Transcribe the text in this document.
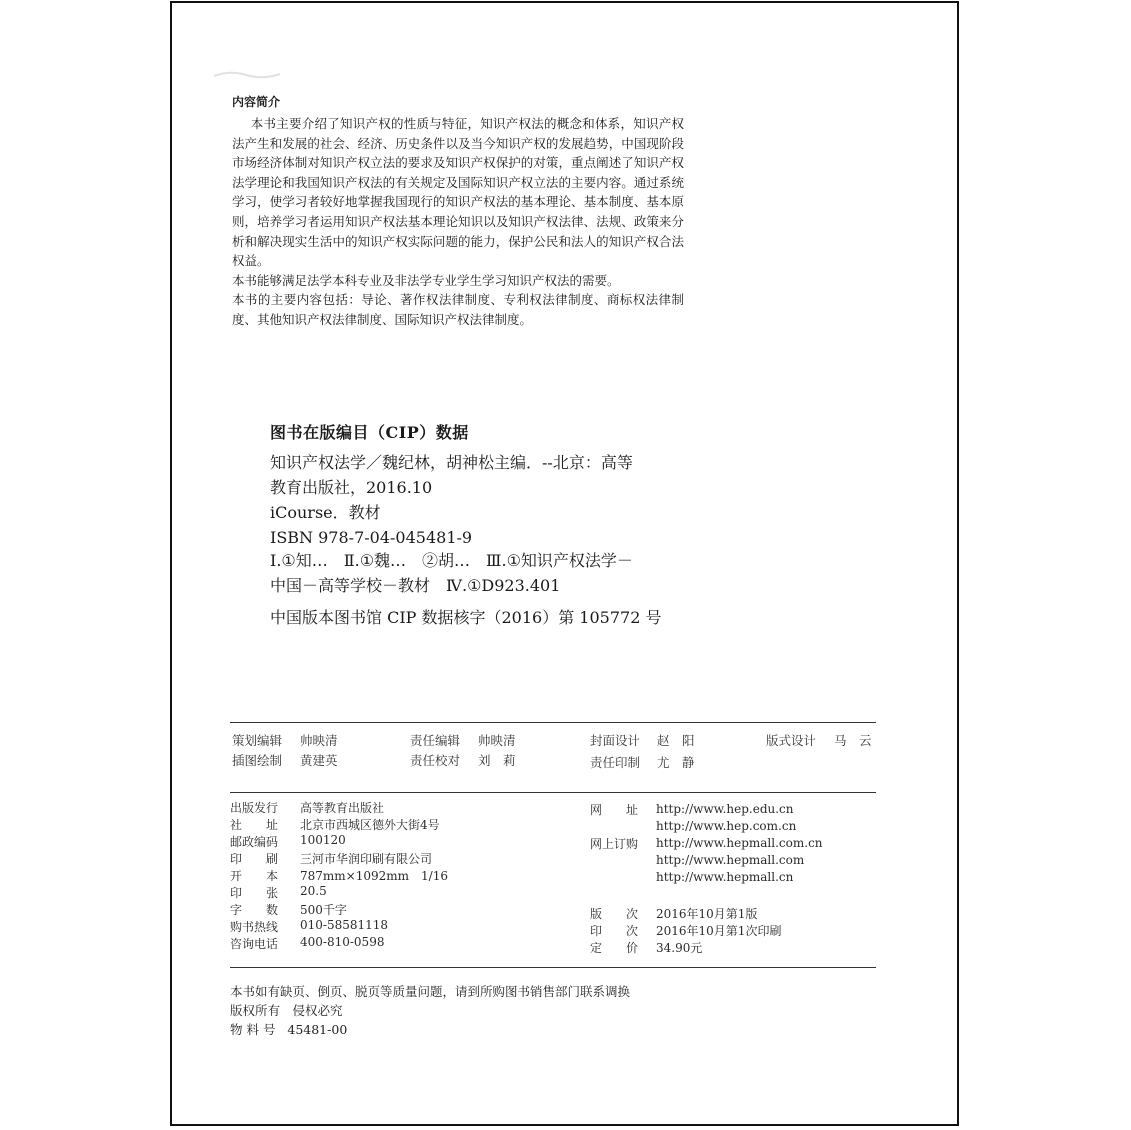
内容简介

本书主要介绍了知识产权的性质与特征，知识产权法的概念和体系，知识产权法产生和发展的社会、经济、历史条件以及当今知识产权的发展趋势，中国现阶段市场经济体制对知识产权立法的要求及知识产权保护的对策，重点阐述了知识产权法学理论和我国知识产权法的有关规定及国际知识产权立法的主要内容。通过系统学习，使学习者较好地掌握我国现行的知识产权法的基本理论、基本制度、基本原则，培养学习者运用知识产权法基本理论知识以及知识产权法律、法规、政策来分析和解决现实生活中的知识产权实际问题的能力，保护公民和法人的知识产权合法权益。

本书能够满足法学本科专业及非法学专业学生学习知识产权法的需要。

本书的主要内容包括：导论、著作权法律制度、专利权法律制度、商标权法律制度、其他知识产权法律制度、国际知识产权法律制度。

图书在版编目（CIP）数据
知识产权法学／魏纪林，胡神松主编．--北京：高等
教育出版社，2016.10
iCourse．教材
ISBN 978-7-04-045481-9
Ⅰ.①知…　Ⅱ.①魏…　②胡…　Ⅲ.①知识产权法学－
中国－高等学校－教材　Ⅳ.①D923.401
中国版本图书馆 CIP 数据核字（2016）第 105772 号
策划编辑 帅映清	责任编辑 帅映清	封面设计 赵　阳	版式设计 马　云
插图绘制 黄建英	责任校对 刘　莉	责任印制 尤　静
出版发行 高等教育出版社
社　　址 北京市西城区德外大街4号
邮政编码 100120
印　　刷 三河市华润印刷有限公司
开　　本 787mm×1092mm　1/16
印　　张 20.5
字　　数 500千字
购书热线 010-58581118
咨询电话 400-810-0598
网　　址 http://www.hep.edu.cn
http://www.hep.com.cn
网上订购 http://www.hepmall.com.cn
http://www.hepmall.com
http://www.hepmall.cn
版　　次 2016年10月第1版
印　　次 2016年10月第1次印刷
定　　价 34.90元
本书如有缺页、倒页、脱页等质量问题，请到所购图书销售部门联系调换
版权所有　侵权必究
物 料 号 45481-00
